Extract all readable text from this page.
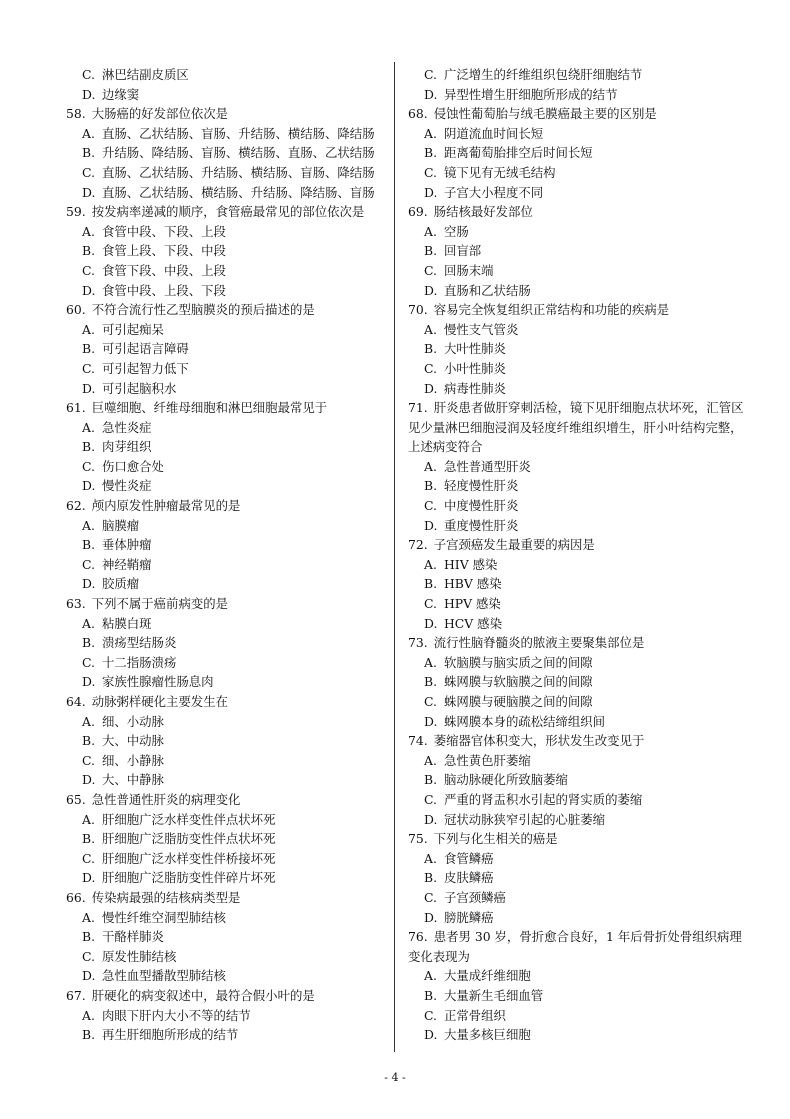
C. 淋巴结副皮质区
D. 边缘窦
58. 大肠癌的好发部位依次是
A. 直肠、乙状结肠、盲肠、升结肠、横结肠、降结肠
B. 升结肠、降结肠、盲肠、横结肠、直肠、乙状结肠
C. 直肠、乙状结肠、升结肠、横结肠、盲肠、降结肠
D. 直肠、乙状结肠、横结肠、升结肠、降结肠、盲肠
59. 按发病率递减的顺序，食管癌最常见的部位依次是
A. 食管中段、下段、上段
B. 食管上段、下段、中段
C. 食管下段、中段、上段
D. 食管中段、上段、下段
60. 不符合流行性乙型脑膜炎的预后描述的是
A. 可引起痴呆
B. 可引起语言障碍
C. 可引起智力低下
D. 可引起脑积水
61. 巨噬细胞、纤维母细胞和淋巴细胞最常见于
A. 急性炎症
B. 肉芽组织
C. 伤口愈合处
D. 慢性炎症
62. 颅内原发性肿瘤最常见的是
A. 脑膜瘤
B. 垂体肿瘤
C. 神经鞘瘤
D. 胶质瘤
63. 下列不属于癌前病变的是
A. 粘膜白斑
B. 溃疡型结肠炎
C. 十二指肠溃疡
D. 家族性腺瘤性肠息肉
64. 动脉粥样硬化主要发生在
A. 细、小动脉
B. 大、中动脉
C. 细、小静脉
D. 大、中静脉
65. 急性普通性肝炎的病理变化
A. 肝细胞广泛水样变性伴点状坏死
B. 肝细胞广泛脂肪变性伴点状坏死
C. 肝细胞广泛水样变性伴桥接坏死
D. 肝细胞广泛脂肪变性伴碎片坏死
66. 传染病最强的结核病类型是
A. 慢性纤维空洞型肺结核
B. 干酪样肺炎
C. 原发性肺结核
D. 急性血型播散型肺结核
67. 肝硬化的病变叙述中，最符合假小叶的是
A. 肉眼下肝内大小不等的结节
B. 再生肝细胞所形成的结节
C. 广泛增生的纤维组织包绕肝细胞结节
D. 异型性增生肝细胞所形成的结节
68. 侵蚀性葡萄胎与绒毛膜癌最主要的区别是
A. 阴道流血时间长短
B. 距离葡萄胎排空后时间长短
C. 镜下见有无绒毛结构
D. 子宫大小程度不同
69. 肠结核最好发部位
A. 空肠
B. 回盲部
C. 回肠末端
D. 直肠和乙状结肠
70. 容易完全恢复组织正常结构和功能的疾病是
A. 慢性支气管炎
B. 大叶性肺炎
C. 小叶性肺炎
D. 病毒性肺炎
71. 肝炎患者做肝穿刺活检，镜下见肝细胞点状坏死，汇管区见少量淋巴细胞浸润及轻度纤维组织增生，肝小叶结构完整，上述病变符合
A. 急性普通型肝炎
B. 轻度慢性肝炎
C. 中度慢性肝炎
D. 重度慢性肝炎
72. 子宫颈癌发生最重要的病因是
A. HIV 感染
B. HBV 感染
C. HPV 感染
D. HCV 感染
73. 流行性脑脊髓炎的脓液主要聚集部位是
A. 软脑膜与脑实质之间的间隙
B. 蛛网膜与软脑膜之间的间隙
C. 蛛网膜与硬脑膜之间的间隙
D. 蛛网膜本身的疏松结缔组织间
74. 萎缩器官体积变大，形状发生改变见于
A. 急性黄色肝萎缩
B. 脑动脉硬化所致脑萎缩
C. 严重的肾盂积水引起的肾实质的萎缩
D. 冠状动脉狭窄引起的心脏萎缩
75. 下列与化生相关的癌是
A. 食管鳞癌
B. 皮肤鳞癌
C. 子宫颈鳞癌
D. 膀胱鳞癌
76. 患者男 30 岁，骨折愈合良好，1 年后骨折处骨组织病理变化表现为
A. 大量成纤维细胞
B. 大量新生毛细血管
C. 正常骨组织
D. 大量多核巨细胞
- 4 -
